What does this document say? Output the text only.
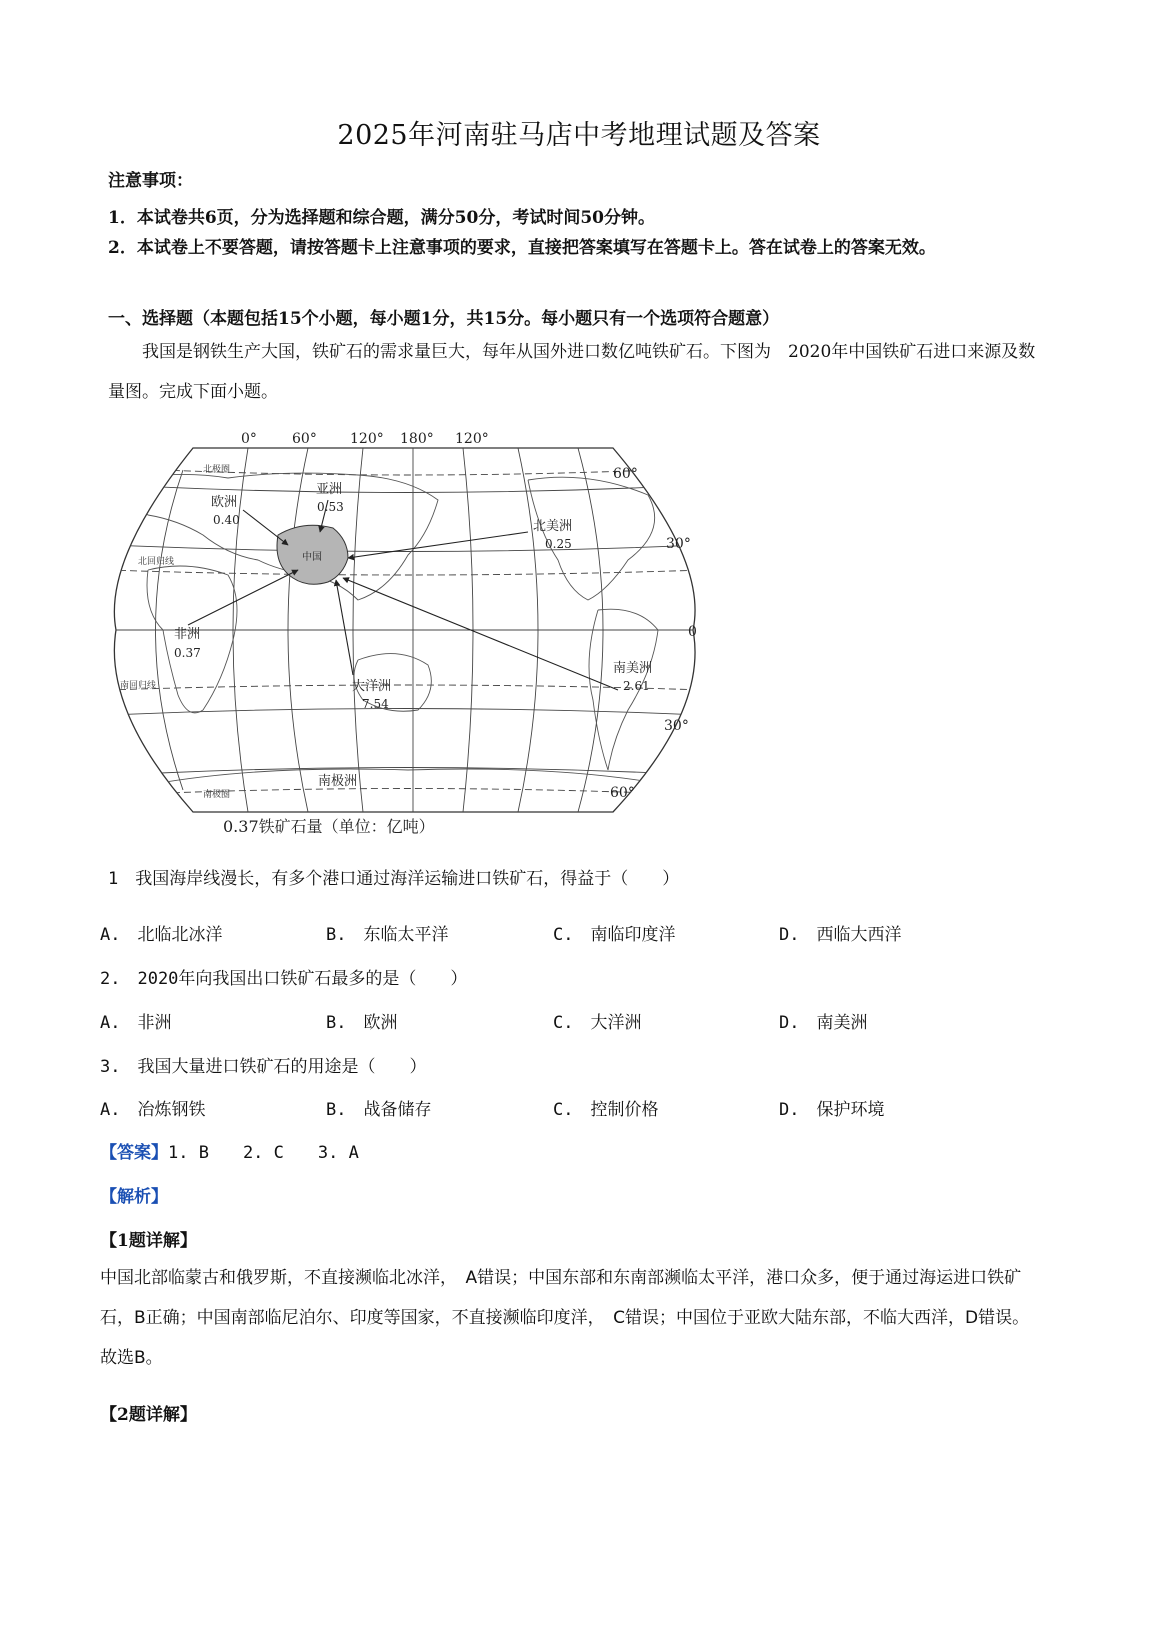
2025年河南驻马店中考地理试题及答案
注意事项：
1．本试卷共6页，分为选择题和综合题，满分50分，考试时间50分钟。
2．本试卷上不要答题，请按答题卡上注意事项的要求，直接把答案填写在答题卡上。答在试卷上的答案无效。
一、选择题（本题包括15个小题，每小题1分，共15分。每小题只有一个选项符合题意）
我国是钢铁生产大国，铁矿石的需求量巨大，每年从国外进口数亿吨铁矿石。下图为　2020年中国铁矿石进口来源及数量图。完成下面小题。
中国
0°	60° 120° 180° 120°
60°
30°
0
30°
60°
北极圈
北回归线
南回归线
南极圈
欧洲
0.40
亚洲
0.53
北美洲
0.25
非洲
0.37
大洋洲
7.54
南美洲
2.61
南极洲
0.37铁矿石量（单位：亿吨）
1　我国海岸线漫长，有多个港口通过海洋运输进口铁矿石，得益于（　　）
A.　北临北冰洋	B.　东临太平洋	C.　南临印度洋	D.　西临大西洋
2.　2020年向我国出口铁矿石最多的是（　　）
A.　非洲	B.　欧洲	C.　大洋洲	D.　南美洲
3.　我国大量进口铁矿石的用途是（　　）
A.　冶炼钢铁	B.　战备储存	C.　控制价格	D.　保护环境
【答案】1. B　　2. C　　3. A
【解析】
【1题详解】
中国北部临蒙古和俄罗斯，不直接濒临北冰洋，　A错误；中国东部和东南部濒临太平洋，港口众多，便于通过海运进口铁矿石，B正确；中国南部临尼泊尔、印度等国家，不直接濒临印度洋，　C错误；中国位于亚欧大陆东部，不临大西洋，D错误。故选B。
【2题详解】
